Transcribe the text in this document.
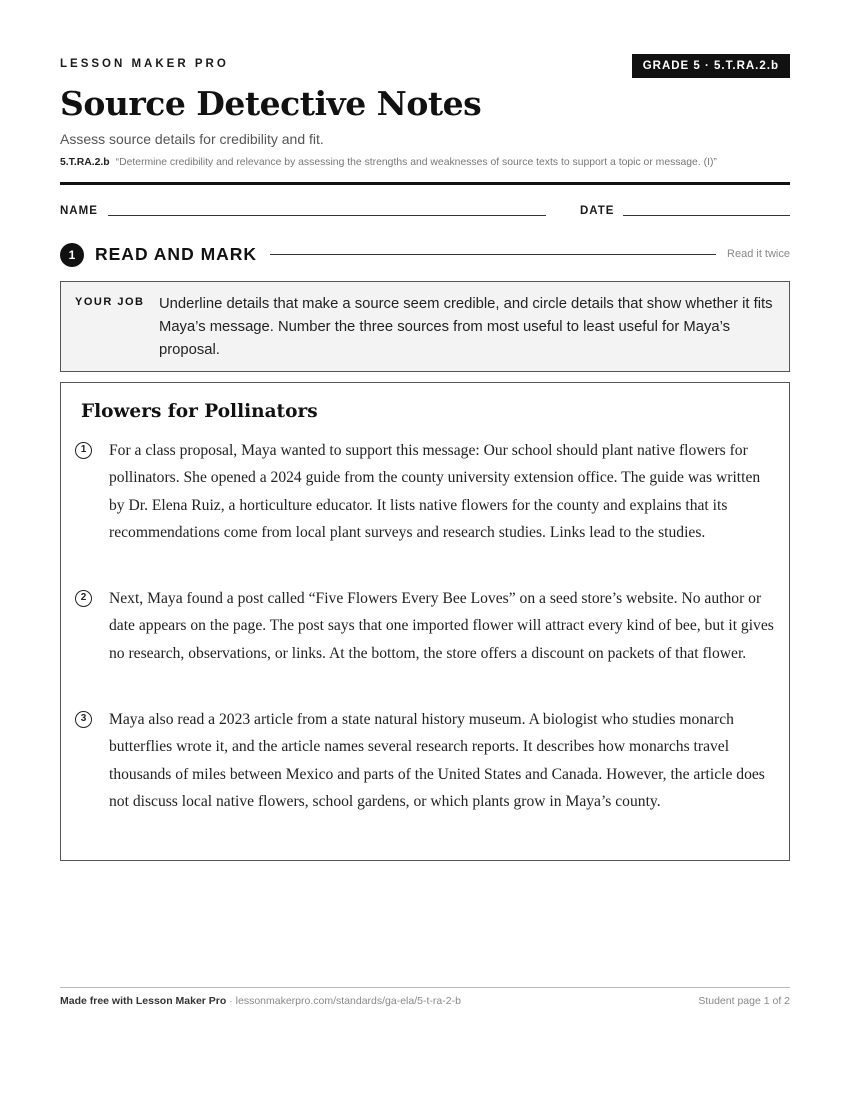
LESSON MAKER PRO	GRADE 5 · 5.T.RA.2.b
Source Detective Notes
Assess source details for credibility and fit.
5.T.RA.2.b “Determine credibility and relevance by assessing the strengths and weaknesses of source texts to support a topic or message. (I)”
NAME	DATE
1	READ AND MARK	Read it twice
YOUR JOB Underline details that make a source seem credible, and circle details that show whether it fits Maya’s message. Number the three sources from most useful to least useful for Maya’s proposal.
Flowers for Pollinators
1	For a class proposal, Maya wanted to support this message: Our school should plant native flowers for pollinators. She opened a 2024 guide from the county university extension office. The guide was written by Dr. Elena Ruiz, a horticulture educator. It lists native flowers for the county and explains that its recommendations come from local plant surveys and research studies. Links lead to the studies.
2	Next, Maya found a post called “Five Flowers Every Bee Loves” on a seed store’s website. No author or date appears on the page. The post says that one imported flower will attract every kind of bee, but it gives no research, observations, or links. At the bottom, the store offers a discount on packets of that flower.
3	Maya also read a 2023 article from a state natural history museum. A biologist who studies monarch butterflies wrote it, and the article names several research reports. It describes how monarchs travel thousands of miles between Mexico and parts of the United States and Canada. However, the article does not discuss local native flowers, school gardens, or which plants grow in Maya’s county.
Made free with Lesson Maker Pro · lessonmakerpro.com/standards/ga-ela/5-t-ra-2-b	Student page 1 of 2
